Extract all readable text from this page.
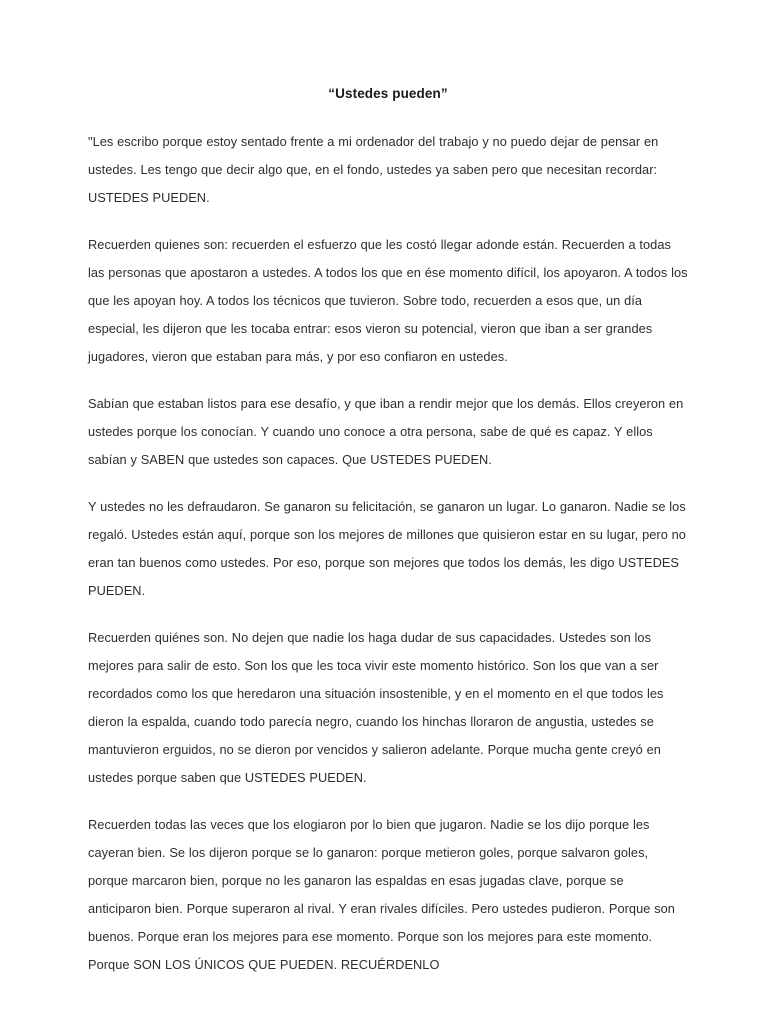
“Ustedes pueden”

"Les escribo porque estoy sentado frente a mi ordenador del trabajo y no puedo dejar de pensar en ustedes. Les tengo que decir algo que, en el fondo, ustedes ya saben pero que necesitan recordar: USTEDES PUEDEN.

Recuerden quienes son: recuerden el esfuerzo que les costó llegar adonde están. Recuerden a todas las personas que apostaron a ustedes. A todos los que en ése momento difícil, los apoyaron. A todos los que les apoyan hoy. A todos los técnicos que tuvieron. Sobre todo, recuerden a esos que, un día especial, les dijeron que les tocaba entrar: esos vieron su potencial, vieron que iban a ser grandes jugadores, vieron que estaban para más, y por eso confiaron en ustedes.

Sabían que estaban listos para ese desafío, y que iban a rendir mejor que los demás. Ellos creyeron en ustedes porque los conocían. Y cuando uno conoce a otra persona, sabe de qué es capaz. Y ellos sabían y SABEN que ustedes son capaces. Que USTEDES PUEDEN.

Y ustedes no les defraudaron. Se ganaron su felicitación, se ganaron un lugar. Lo ganaron. Nadie se los regaló. Ustedes están aquí, porque son los mejores de millones que quisieron estar en su lugar, pero no eran tan buenos como ustedes. Por eso, porque son mejores que todos los demás, les digo USTEDES PUEDEN.

Recuerden quiénes son. No dejen que nadie los haga dudar de sus capacidades. Ustedes son los mejores para salir de esto. Son los que les toca vivir este momento histórico. Son los que van a ser recordados como los que heredaron una situación insostenible, y en el momento en el que todos les dieron la espalda, cuando todo parecía negro, cuando los hinchas lloraron de angustia, ustedes se mantuvieron erguidos, no se dieron por vencidos y salieron adelante. Porque mucha gente creyó en ustedes porque saben que USTEDES PUEDEN.

Recuerden todas las veces que los elogiaron por lo bien que jugaron. Nadie se los dijo porque les cayeran bien. Se los dijeron porque se lo ganaron: porque metieron goles, porque salvaron goles, porque marcaron bien, porque no les ganaron las espaldas en esas jugadas clave, porque se anticiparon bien. Porque superaron al rival. Y eran rivales difíciles. Pero ustedes pudieron. Porque son buenos. Porque eran los mejores para ese momento. Porque son los mejores para este momento. Porque SON LOS ÚNICOS QUE PUEDEN. RECUÉRDENLO
